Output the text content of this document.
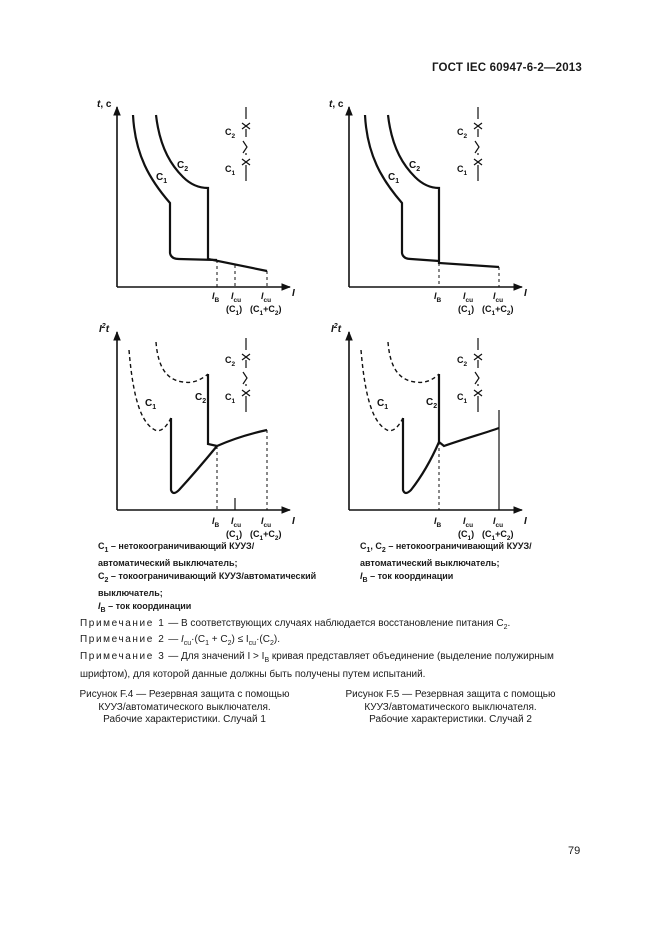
ГОСТ IEC 60947-6-2—2013
t, c
$C_1$
$C_2$
$C_2$
$C_1$
I
$I_B$ $I_{cu}$ $I_{cu}$
$(C_1)$ $(C_1+C_2)$
t, c
$C_1$
$C_2$
$C_2$
$C_1$
I
$I_B$ $I_{cu}$ $I_{cu}$
$(C_1)$ $(C_1+C_2)$
$I^2t$
$C_1$
$C_2$
$C_2$
$C_1$
I
$I_B$ $I_{cu}$ $I_{cu}$
$(C_1)$ $(C_1+C_2)$
$I^2t$
$C_1$	$C_2$
$C_2$
$C_1$
I
$I_B$ $I_{cu}$ $I_{cu}$
$(C_1)$ $(C_1+C_2)$
$C_1$ – нетокоограничивающий КУУЗ/автоматический выключатель;
$C_2$ – токоограничивающий КУУЗ/автоматический выключатель;
$I_B$ – ток координации
$C_1$, $C_2$ – нетокоограничивающий КУУЗ/автоматический выключатель;
$I_B$ – ток координации
Примечание 1 — В соответствующих случаях наблюдается восстановление питания $C_2$.
Примечание 2 — $I_{cu}\cdot(C_1 + C_2) \le I_{cu}\cdot(C_2)$.
Примечание 3 — Для значений $I > I_B$ кривая представляет объединение (выделение полужирным шрифтом), для которой данные должны быть получены путем испытаний.
Рисунок F.4 — Резервная защита с помощью
КУУЗ/автоматического выключателя.
Рабочие характеристики. Случай 1
Рисунок F.5 — Резервная защита с помощью
КУУЗ/автоматического выключателя.
Рабочие характеристики. Случай 2
79
